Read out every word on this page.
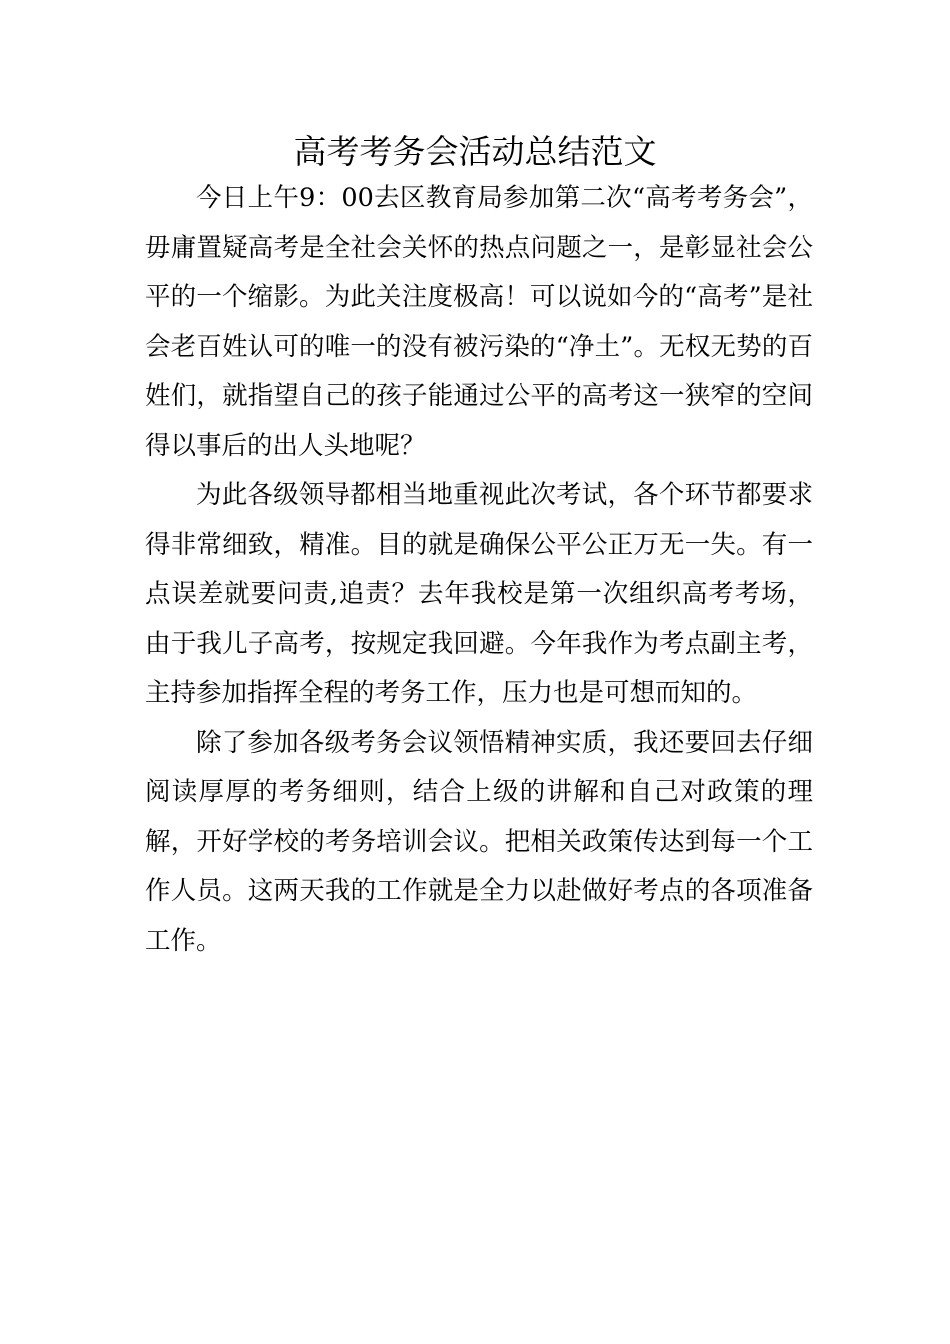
高考考务会活动总结范文

今日上午9：00去区教育局参加第二次“高考考务会”，毋庸置疑高考是全社会关怀的热点问题之一，是彰显社会公平的一个缩影。为此关注度极高！可以说如今的“高考”是社会老百姓认可的唯一的没有被污染的“净土”。无权无势的百姓们，就指望自己的孩子能通过公平的高考这一狭窄的空间得以事后的出人头地呢？

为此各级领导都相当地重视此次考试，各个环节都要求得非常细致，精准。目的就是确保公平公正万无一失。有一点误差就要问责,追责？去年我校是第一次组织高考考场，由于我儿子高考，按规定我回避。今年我作为考点副主考，主持参加指挥全程的考务工作，压力也是可想而知的。

除了参加各级考务会议领悟精神实质，我还要回去仔细阅读厚厚的考务细则，结合上级的讲解和自己对政策的理解，开好学校的考务培训会议。把相关政策传达到每一个工作人员。这两天我的工作就是全力以赴做好考点的各项准备工作。
